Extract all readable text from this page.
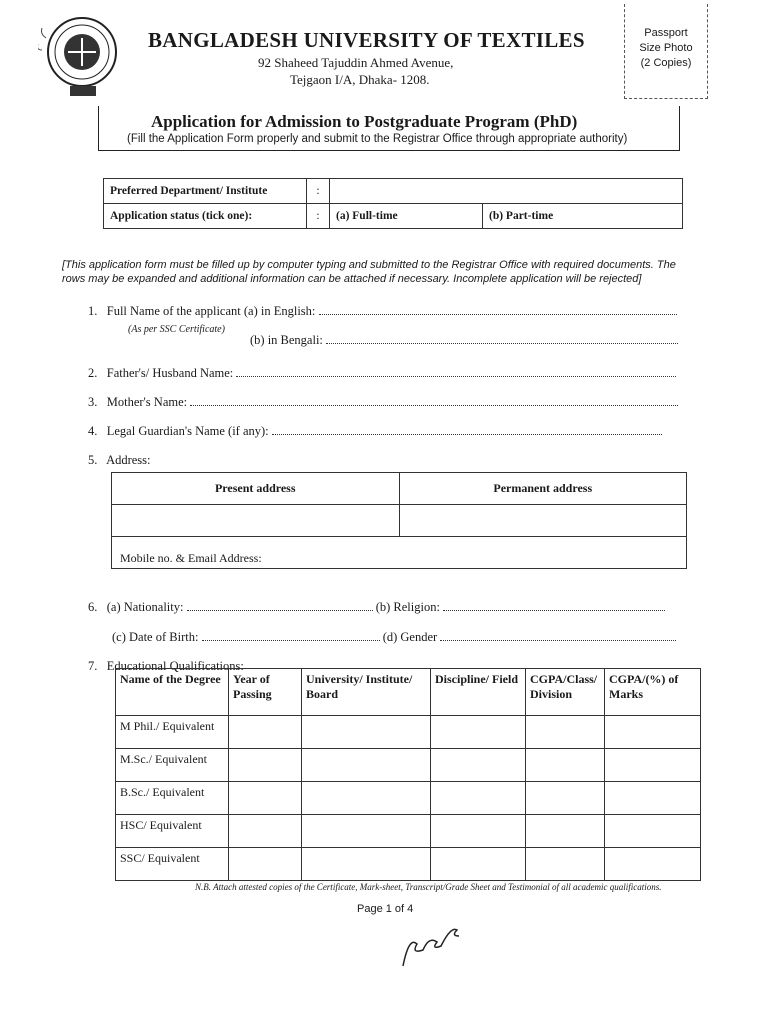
BANGLADESH UNIVERSITY OF TEXTILES
92 Shaheed Tajuddin Ahmed Avenue,
Tejgaon I/A, Dhaka- 1208.
Passport
Size Photo
(2 Copies)
Application for Admission to Postgraduate Program (PhD)
(Fill the Application Form properly and submit to the Registrar Office through appropriate authority)
Preferred Department/ Institute	:		
Application status (tick one):	:	(a) Full-time	(b) Part-time
[This application form must be filled up by computer typing and submitted to the Registrar Office with required documents. The rows may be expanded and additional information can be attached if necessary. Incomplete application will be rejected]
1. Full Name of the applicant (a) in English:
(As per SSC Certificate)
(b) in Bengali:
2. Father's/ Husband Name:
3. Mother's Name:
4. Legal Guardian's Name (if any):
5. Address:
Present address	Permanent address

Mobile no. & Email Address:	
6. (a) Nationality:	(b) Religion:
(c) Date of Birth:	(d) Gender
7. Educational Qualifications:
Name of the Degree	Year of Passing	University/ Institute/ Board	Discipline/ Field	CGPA/Class/ Division	CGPA/(%) of Marks
M Phil./ Equivalent					
M.Sc./ Equivalent					
B.Sc./ Equivalent					
HSC/ Equivalent					
SSC/ Equivalent					
N.B. Attach attested copies of the Certificate, Mark-sheet, Transcript/Grade Sheet and Testimonial of all academic qualifications.
Page 1 of 4
